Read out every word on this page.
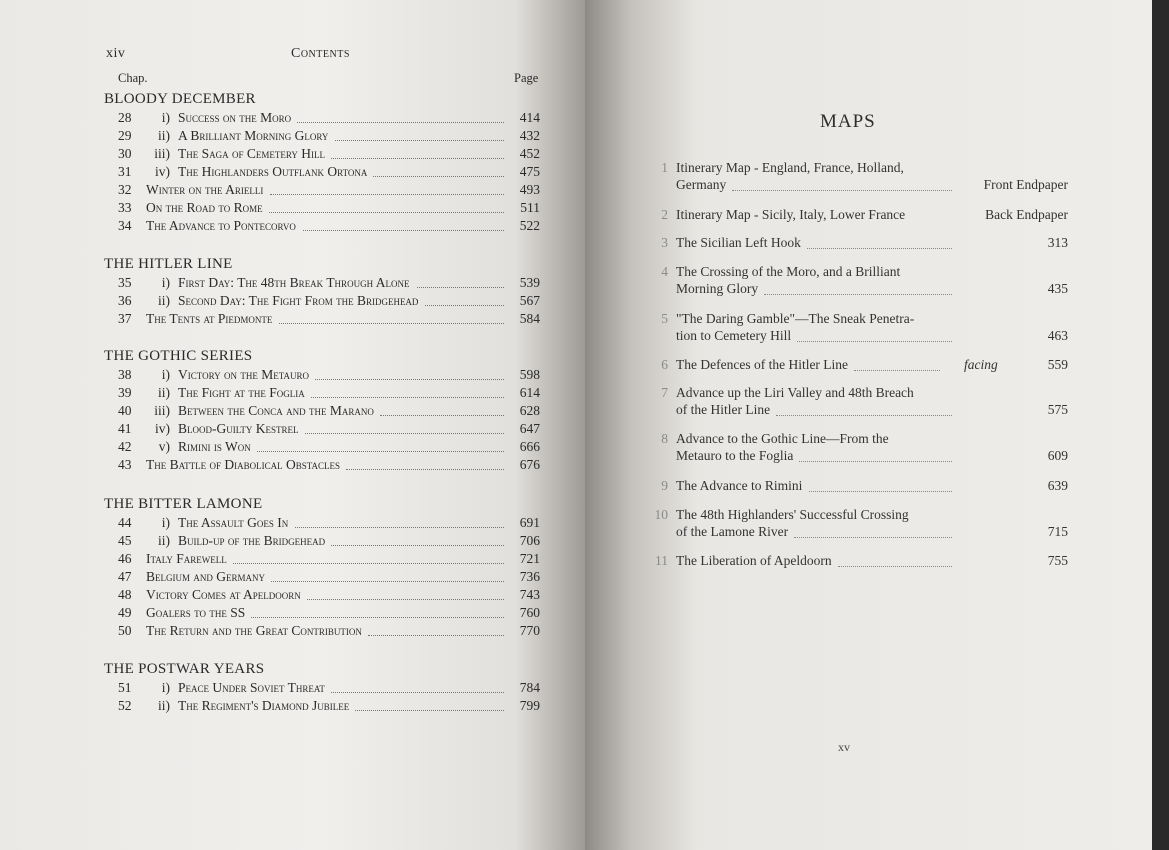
xiv	Contents
Chap.	Page
BLOODY DECEMBER
28	i) Success on the Moro	414
29	ii) A Brilliant Morning Glory	432
30	iii) The Saga of Cemetery Hill	452
31	iv) The Highlanders Outflank Ortona	475
32	Winter on the Arielli	493
33	On the Road to Rome	511
34	The Advance to Pontecorvo	522
THE HITLER LINE
35	i) First Day: The 48th Break Through Alone	539
36	ii) Second Day: The Fight From the Bridgehead	567
37	The Tents at Piedmonte	584
THE GOTHIC SERIES
38	i) Victory on the Metauro	598
39	ii) The Fight at the Foglia	614
40	iii) Between the Conca and the Marano	628
41	iv) Blood-Guilty Kestrel	647
42	v) Rimini is Won	666
43	The Battle of Diabolical Obstacles	676
THE BITTER LAMONE
44	i) The Assault Goes In	691
45	ii) Build-up of the Bridgehead	706
46	Italy Farewell	721
47	Belgium and Germany	736
48	Victory Comes at Apeldoorn	743
49	Goalers to the SS	760
50	The Return and the Great Contribution	770
THE POSTWAR YEARS
51	i) Peace Under Soviet Threat	784
52	ii) The Regiment's Diamond Jubilee	799
MAPS
xv
1 Itinerary Map - England, France, Holland,
Germany	Front Endpaper
2 Itinerary Map - Sicily, Italy, Lower France	Back Endpaper
3 The Sicilian Left Hook	313
4 The Crossing of the Moro, and a Brilliant
Morning Glory	435
5 "The Daring Gamble"—The Sneak Penetra-
tion to Cemetery Hill	463
6 The Defences of the Hitler Line	facing	559
7 Advance up the Liri Valley and 48th Breach
of the Hitler Line	575
8 Advance to the Gothic Line—From the
Metauro to the Foglia	609
9 The Advance to Rimini	639
10 The 48th Highlanders' Successful Crossing
of the Lamone River	715
11 The Liberation of Apeldoorn	755
